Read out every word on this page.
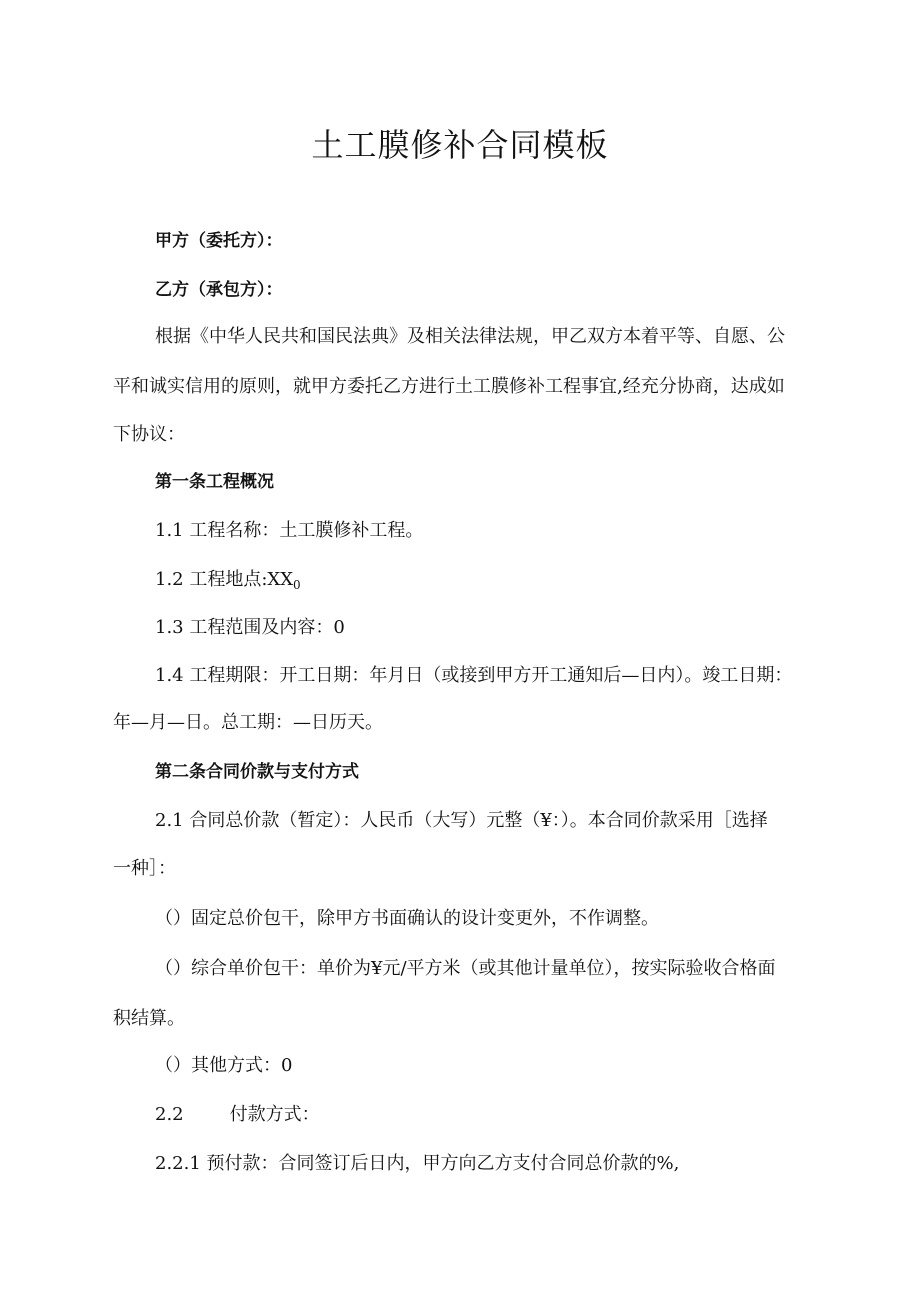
土工膜修补合同模板
甲方（委托方）：
乙方（承包方）：
根据《中华人民共和国民法典》及相关法律法规，甲乙双方本着平等、自愿、公
平和诚实信用的原则，就甲方委托乙方进行土工膜修补工程事宜,经充分协商，达成如
下协议：
第一条工程概况
1.1 工程名称：土工膜修补工程。
1.2 工程地点$:XX_0$
1.3 工程范围及内容：0
1.4 工程期限：开工日期：年月日（或接到甲方开工通知后—日内）。竣工日期：
年—月—日。总工期：—日历天。
第二条合同价款与支付方式
2.1 合同总价款（暂定）：人民币（大写）元整（¥：）。本合同价款采用［选择
一种］：
（）固定总价包干，除甲方书面确认的设计变更外，不作调整。
（）综合单价包干：单价为¥元/平方米（或其他计量单位），按实际验收合格面
积结算。
（）其他方式：0
2.2	付款方式：
2.2.1 预付款：合同签订后日内，甲方向乙方支付合同总价款的%,
